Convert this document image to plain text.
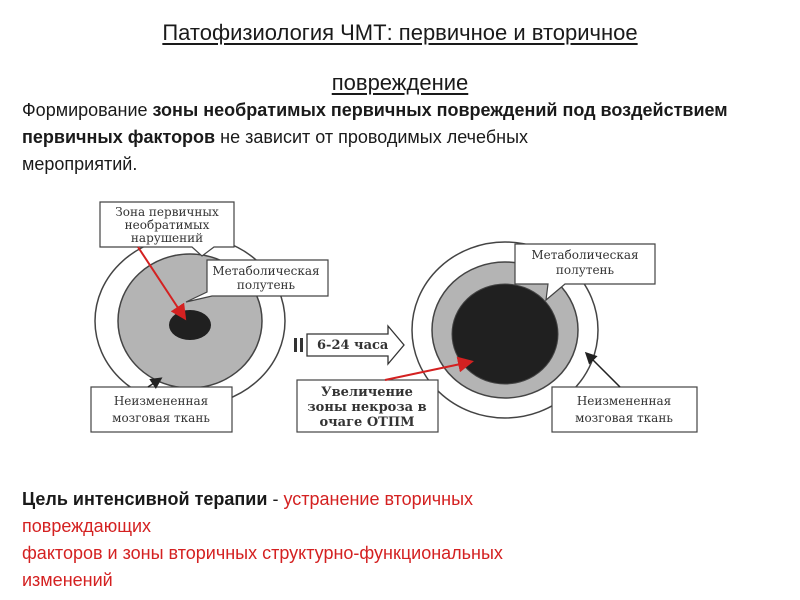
Патофизиология ЧМТ: первичное и вторичное
повреждение
Формирование зоны необратимых первичных повреждений под воздействием первичных факторов не зависит от проводимых лечебных
мероприятий.
Зона первичных
необратимых
нарушений
Метаболическая
полутень
Неизмененная
мозговая ткань
6-24 часа
Метаболическая
полутень
Увеличение
зоны некроза в
очаге ОТПМ
Неизмененная
мозговая ткань
Цель интенсивной терапии - устранение вторичных
повреждающих
факторов и зоны вторичных структурно-функциональных
изменений
